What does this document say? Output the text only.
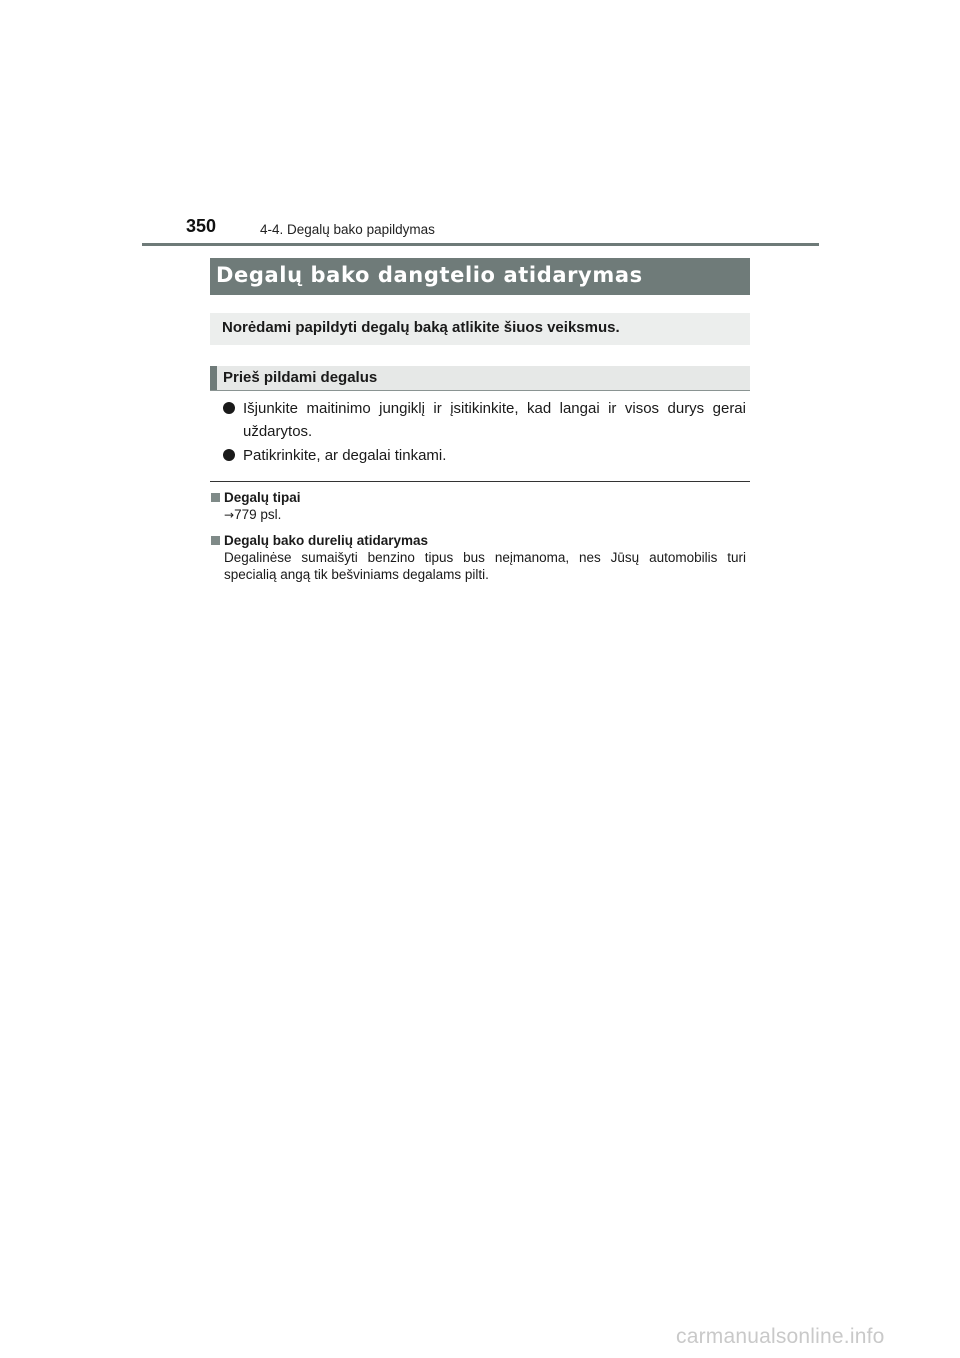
350	4-4. Degalų bako papildymas
Degalų bako dangtelio atidarymas
Norėdami papildyti degalų baką atlikite šiuos veiksmus.
Prieš pildami degalus
Išjunkite maitinimo jungiklį ir įsitikinkite, kad langai ir visos durys gerai uždarytos.
Patikrinkite, ar degalai tinkami.
Degalų tipai
→779 psl.
Degalų bako durelių atidarymas
Degalinėse sumaišyti benzino tipus bus neįmanoma, nes Jūsų automobilis turi specialią angą tik bešviniams degalams pilti.
carmanualsonline.info
